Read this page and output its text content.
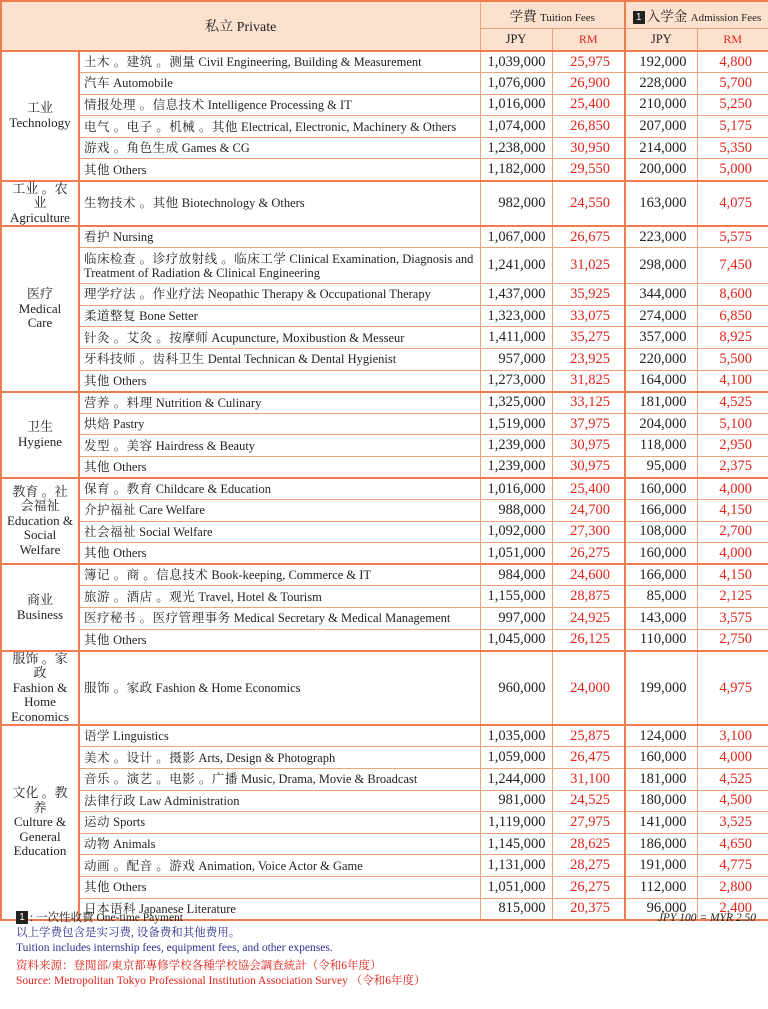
私立 Private		学費 Tuition Fees		1 入学金 Admission Fees	
		JPY	RM	JPY	RM

工业
Technology	土木 。建筑 。测量 Civil Engineering, Building & Measurement	1,039,000	25,975	192,000	4,800
	汽车 Automobile	1,076,000	26,900	228,000	5,700
	情报处理 。信息技术 Intelligence Processing & IT	1,016,000	25,400	210,000	5,250
	电气 。电子 。机械 。其他 Electrical, Electronic, Machinery & Others	1,074,000	26,850	207,000	5,175
	游戏 。角色生成 Games & CG	1,238,000	30,950	214,000	5,350
	其他 Others	1,182,000	29,550	200,000	5,000

工业 。农业
Agriculture	生物技术 。其他 Biotechnology & Others	982,000	24,550	163,000	4,075

医疗
Medical Care	看护 Nursing	1,067,000	26,675	223,000	5,575
	临床检查 。诊疗放射线 。临床工学 Clinical Examination, Diagnosis and Treatment of Radiation & Clinical Engineering	1,241,000	31,025	298,000	7,450
	理学疗法 。作业疗法 Neopathic Therapy & Occupational Therapy	1,437,000	35,925	344,000	8,600
	柔道整复 Bone Setter	1,323,000	33,075	274,000	6,850
	针灸 。艾灸 。按摩师 Acupuncture, Moxibustion & Messeur	1,411,000	35,275	357,000	8,925
	牙科技师 。齿科卫生 Dental Technican & Dental Hygienist	957,000	23,925	220,000	5,500
	其他 Others	1,273,000	31,825	164,000	4,100

卫生
Hygiene	营养 。料理 Nutrition & Culinary	1,325,000	33,125	181,000	4,525
	烘焙 Pastry	1,519,000	37,975	204,000	5,100
	发型 。美容 Hairdress & Beauty	1,239,000	30,975	118,000	2,950
	其他 Others	1,239,000	30,975	95,000	2,375

教育 。社会福祉
Education & Social Welfare	保育 。教育 Childcare & Education	1,016,000	25,400	160,000	4,000
	介护福祉 Care Welfare	988,000	24,700	166,000	4,150
	社会福祉 Social Welfare	1,092,000	27,300	108,000	2,700
	其他 Others	1,051,000	26,275	160,000	4,000

商业
Business	簿记 。商 。信息技术 Book-keeping, Commerce & IT	984,000	24,600	166,000	4,150
	旅游 。酒店 。观光 Travel, Hotel & Tourism	1,155,000	28,875	85,000	2,125
	医疗秘书 。医疗管理事务 Medical Secretary & Medical Management	997,000	24,925	143,000	3,575
	其他 Others	1,045,000	26,125	110,000	2,750

服饰 。家政
Fashion & Home Economics	服饰 。家政 Fashion & Home Economics	960,000	24,000	199,000	4,975

文化 。教养
Culture & General Education	语学 Linguistics	1,035,000	25,875	124,000	3,100
	美术 。设计 。摄影 Arts, Design & Photograph	1,059,000	26,475	160,000	4,000
	音乐 。演艺 。电影 。广播 Music, Drama, Movie & Broadcast	1,244,000	31,100	181,000	4,525
	法律行政 Law Administration	981,000	24,525	180,000	4,500
	运动 Sports	1,119,000	27,975	141,000	3,525
	动物 Animals	1,145,000	28,625	186,000	4,650
	动画 。配音 。游戏 Animation, Voice Actor & Game	1,131,000	28,275	191,000	4,775
	其他 Others	1,051,000	26,275	112,000	2,800
	日本语科 Japanese Literature	815,000	20,375	96,000	2,400
1 : 一次性收費 One-time Payment	JPY 100 = MYR 2.50
以上学费包含是实习费, 设备费和其他费用。
Tuition includes internship fees, equipment fees, and other expenses.
资料来源：登閒部/東京都專修学校各種学校協会調查統計（令和6年度）
Source: Metropolitan Tokyo Professional Institution Association Survey （令和6年度）
